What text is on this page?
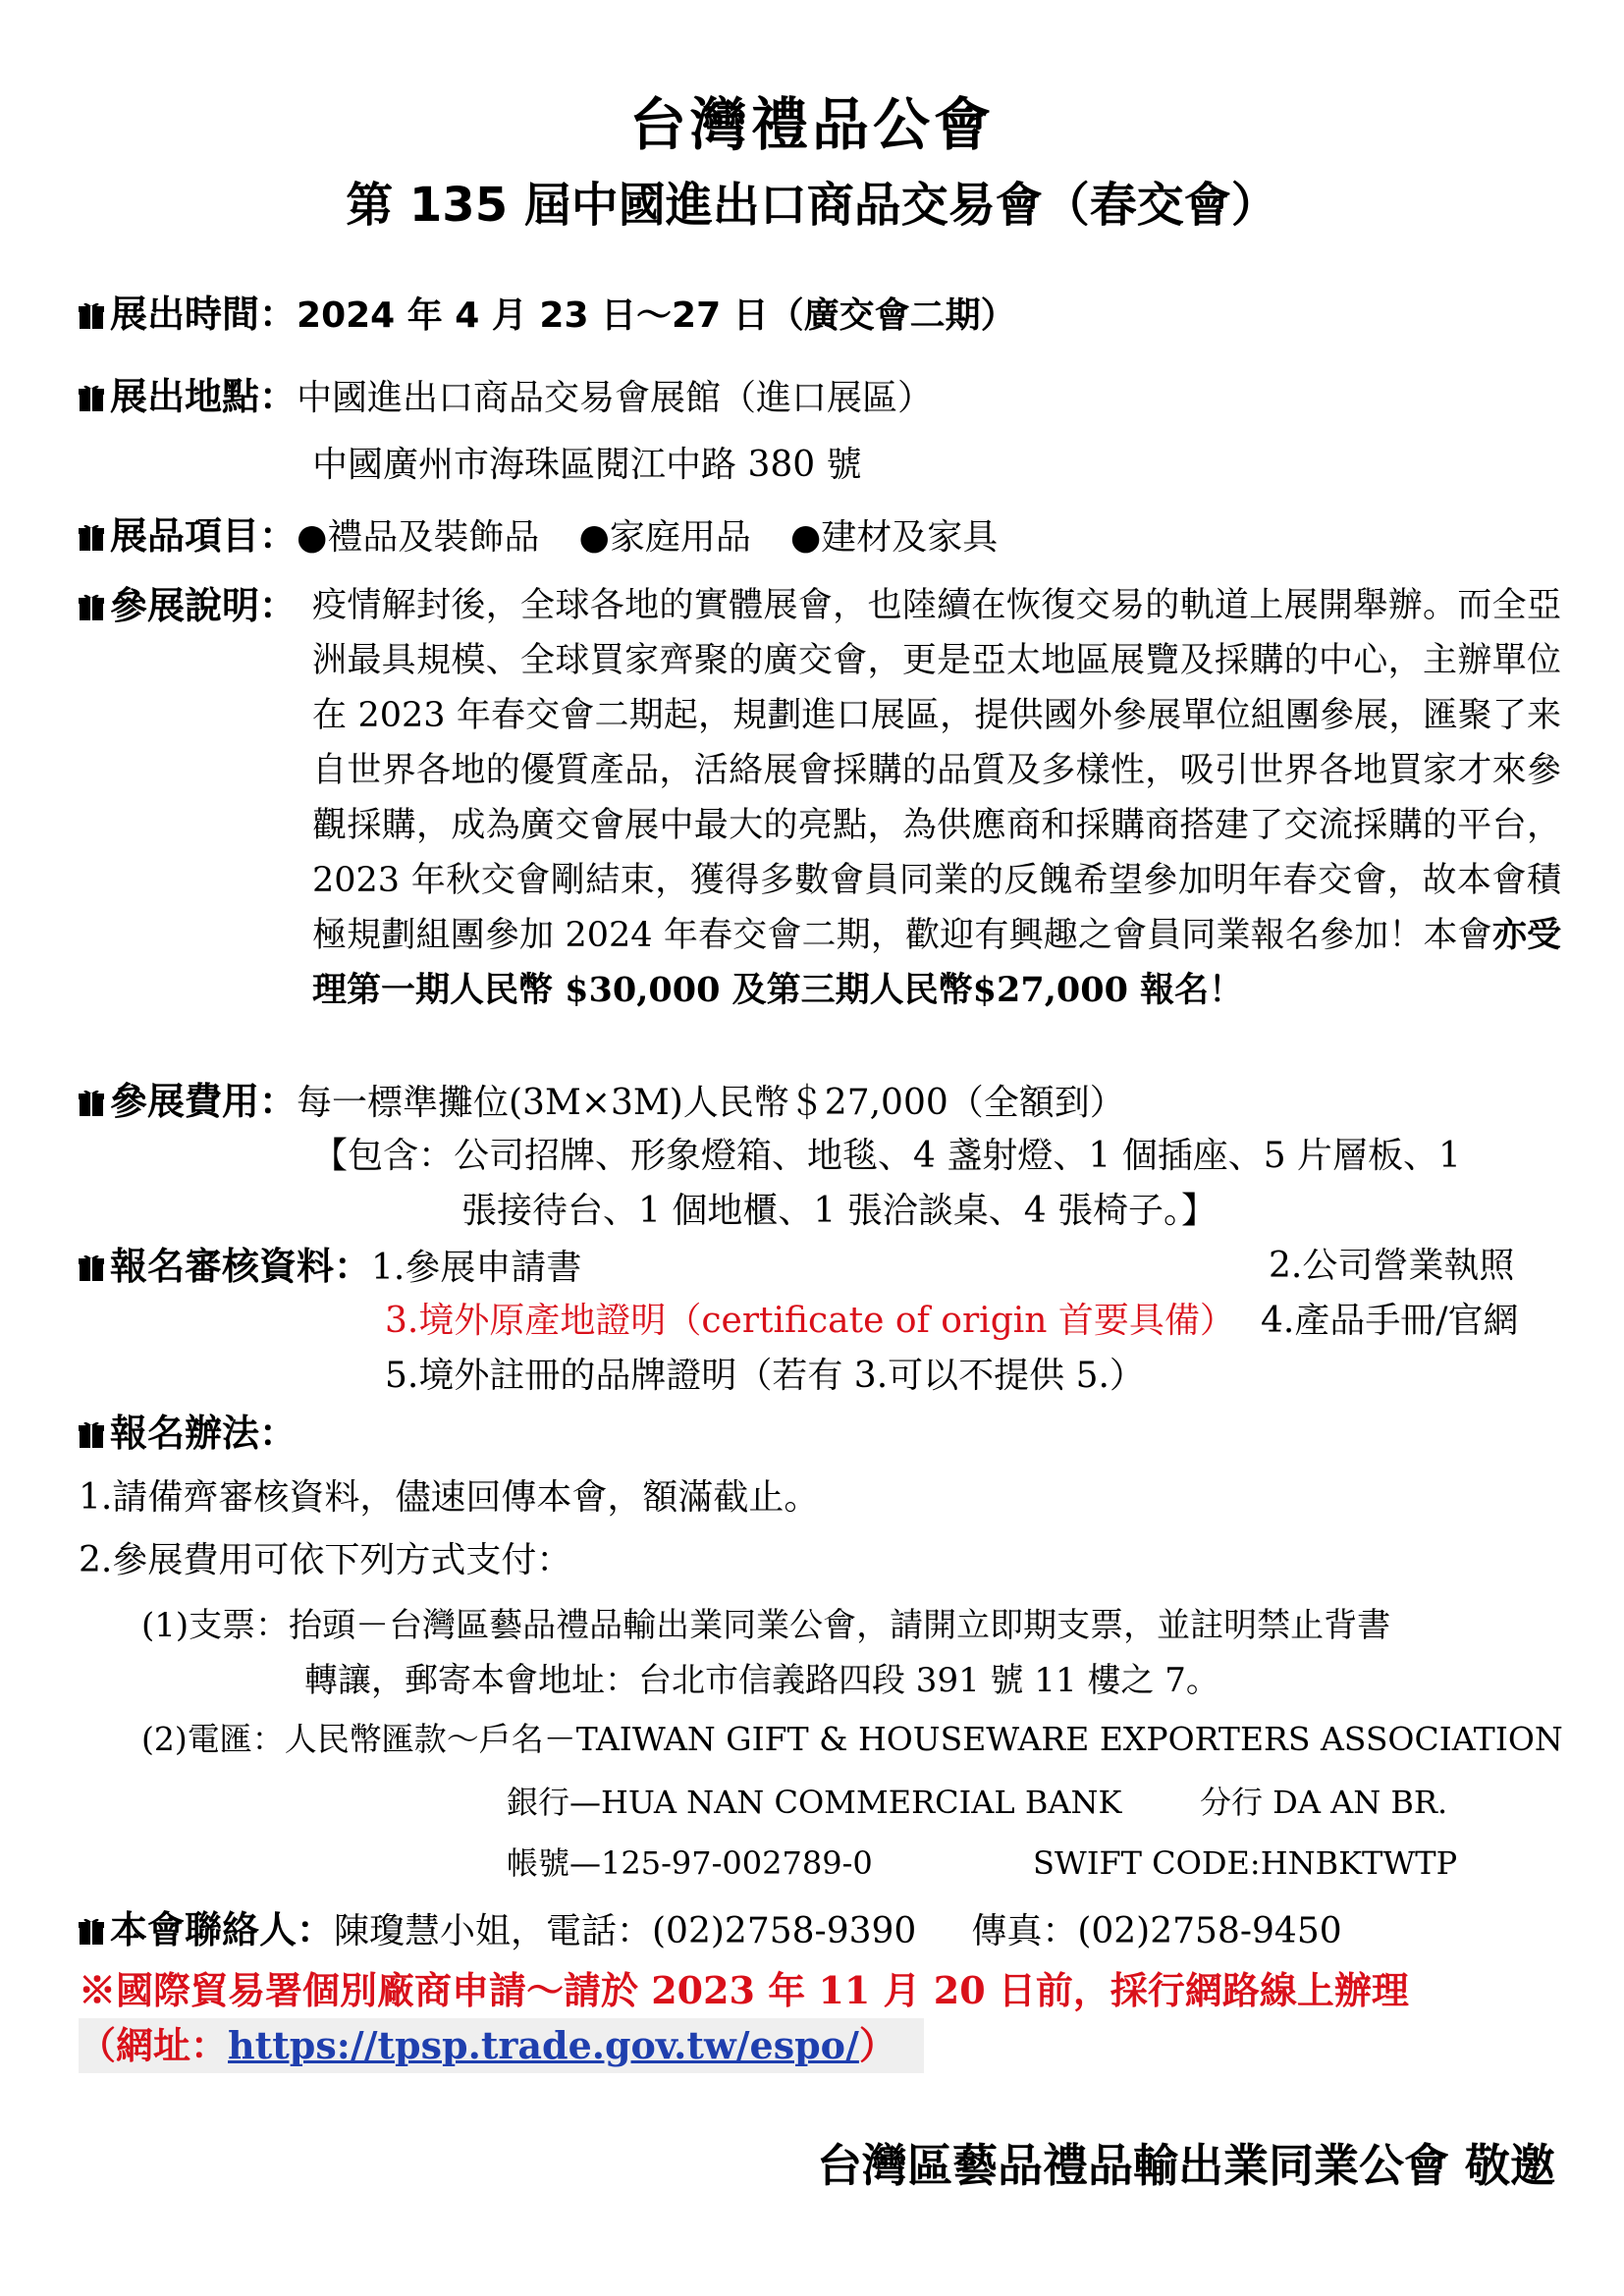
台灣禮品公會
第 135 屆中國進出口商品交易會（春交會）
展出時間：2024 年 4 月 23 日～27 日（廣交會二期）
展出地點：中國進出口商品交易會展館（進口展區）
中國廣州市海珠區閱江中路 380 號
展品項目：●禮品及裝飾品 ●家庭用品 ●建材及家具
參展說明： 疫情解封後，全球各地的實體展會，也陸續在恢復交易的軌道上展開舉辦。而全亞洲最具規模、全球買家齊聚的廣交會，更是亞太地區展覽及採購的中心，主辦單位在 2023 年春交會二期起，規劃進口展區，提供國外參展單位組團參展，匯聚了来自世界各地的優質產品，活絡展會採購的品質及多樣性，吸引世界各地買家才來參觀採購，成為廣交會展中最大的亮點，為供應商和採購商搭建了交流採購的平台，2023 年秋交會剛結束，獲得多數會員同業的反餽希望參加明年春交會，故本會積極規劃組團參加 2024 年春交會二期，歡迎有興趣之會員同業報名參加！本會亦受理第一期人民幣 $30,000 及第三期人民幣$27,000 報名！
參展費用：每一標準攤位(3M×3M)人民幣＄27,000（全額到）
【包含：公司招牌、形象燈箱、地毯、4 盞射燈、1 個插座、5 片層板、1
張接待台、1 個地櫃、1 張洽談桌、4 張椅子。】
報名審核資料：1.參展申請書	2.公司營業執照
3.境外原產地證明（certificate of origin 首要具備） 4.產品手冊/官網
5.境外註冊的品牌證明（若有 3.可以不提供 5.）
報名辦法：
1.請備齊審核資料，儘速回傳本會，額滿截止。
2.參展費用可依下列方式支付：
(1)支票：抬頭－台灣區藝品禮品輸出業同業公會，請開立即期支票，並註明禁止背書
轉讓，郵寄本會地址：台北市信義路四段 391 號 11 樓之 7。
(2)電匯：人民幣匯款～戶名－TAIWAN GIFT & HOUSEWARE EXPORTERS ASSOCIATION
銀行—HUA NAN COMMERCIAL BANK 分行 DA AN BR.
帳號—125-97-002789-0	SWIFT CODE:HNBKTWTP
本會聯絡人：陳瓊慧小姐，電話：(02)2758-9390 傳真：(02)2758-9450
※國際貿易署個別廠商申請～請於 2023 年 11 月 20 日前，採行網路線上辦理
（網址：https://tpsp.trade.gov.tw/espo/）
台灣區藝品禮品輸出業同業公會 敬邀
